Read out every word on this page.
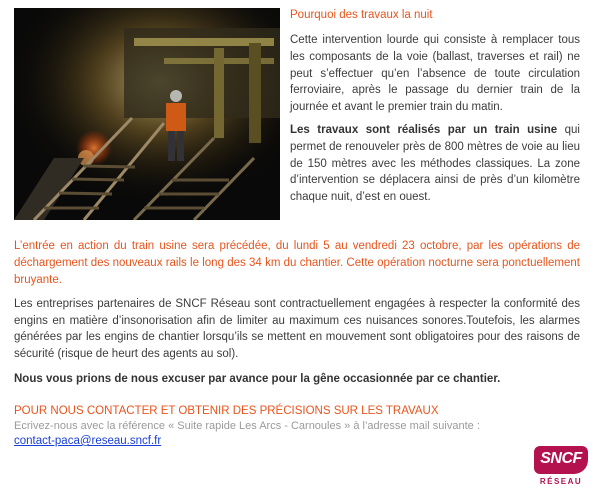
Pourquoi des travaux la nuit

Cette intervention lourde qui consiste à remplacer tous les composants de la voie (ballast, traverses et rail) ne peut s’effectuer qu’en l’absence de toute circulation ferroviaire, après le passage du dernier train de la journée et avant le premier train du matin.

Les travaux sont réalisés par un train usine qui permet de renouveler près de 800 mètres de voie au lieu de 150 mètres avec les méthodes classiques. La zone d’intervention se déplacera ainsi de près d’un kilomètre chaque nuit, d’est en ouest.

L’entrée en action du train usine sera précédée, du lundi 5 au vendredi 23 octobre, par les opérations de déchargement des nouveaux rails le long des 34 km du chantier. Cette opération nocturne sera ponctuellement bruyante.

Les entreprises partenaires de SNCF Réseau sont contractuellement engagées à respecter la conformité des engins en matière d’insonorisation afin de limiter au maximum ces nuisances sonores.Toutefois, les alarmes générées par les engins de chantier lorsqu’ils se mettent en mouvement sont obligatoires pour des raisons de sécurité (risque de heurt des agents au sol).

Nous vous prions de nous excuser par avance pour la gêne occasionnée par ce chantier.

POUR NOUS CONTACTER ET OBTENIR DES PRÉCISIONS SUR LES TRAVAUX

Ecrivez-nous avec la référence « Suite rapide Les Arcs - Carnoules » à l’adresse mail suivante :

contact-paca@reseau.sncf.fr
SNCF
RÉSEAU
